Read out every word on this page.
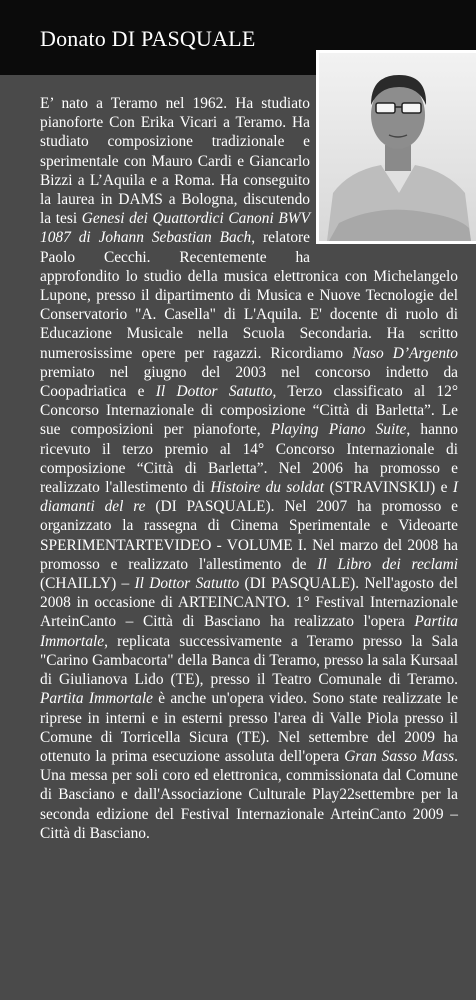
Donato DI PASQUALE

E’ nato a Teramo nel 1962. Ha studiato pianoforte Con Erika Vicari a Teramo. Ha studiato composizione tradizionale e sperimentale con Mauro Cardi e Giancarlo Bizzi a L’Aquila e a Roma. Ha conseguito la laurea in DAMS a Bologna, discutendo la tesi Genesi dei Quattordici Canoni BWV 1087 di Johann Sebastian Bach, relatore Paolo Cecchi. Recentemente ha approfondito lo studio della musica elettronica con Michelangelo Lupone, presso il dipartimento di Musica e Nuove Tecnologie del Conservatorio "A. Casella" di L'Aquila. E' docente di ruolo di Educazione Musicale nella Scuola Secondaria. Ha scritto numerosissime opere per ragazzi. Ricordiamo Naso D’Argento premiato nel giugno del 2003 nel concorso indetto da Coopadriatica e Il Dottor Satutto, Terzo classificato al 12° Concorso Internazionale di composizione “Città di Barletta”. Le sue composizioni per pianoforte, Playing Piano Suite, hanno ricevuto il terzo premio al 14° Concorso Internazionale di composizione “Città di Barletta”. Nel 2006 ha promosso e realizzato l'allestimento di Histoire du soldat (STRAVINSKIJ) e I diamanti del re (DI PASQUALE). Nel 2007 ha promosso e organizzato la rassegna di Cinema Sperimentale e Videoarte SPERIMENTARTEVIDEO - VOLUME I. Nel marzo del 2008 ha promosso e realizzato l'allestimento de Il Libro dei reclami (CHAILLY) – Il Dottor Satutto (DI PASQUALE). Nell'agosto del 2008 in occasione di ARTEINCANTO. 1° Festival Internazionale ArteinCanto – Città di Basciano ha realizzato l'opera Partita Immortale, replicata successivamente a Teramo presso la Sala "Carino Gambacorta" della Banca di Teramo, presso la sala Kursaal di Giulianova Lido (TE), presso il Teatro Comunale di Teramo. Partita Immortale è anche un'opera video. Sono state realizzate le riprese in interni e in esterni presso l'area di Valle Piola presso il Comune di Torricella Sicura (TE). Nel settembre del 2009 ha ottenuto la prima esecuzione assoluta dell'opera Gran Sasso Mass. Una messa per soli coro ed elettronica, commissionata dal Comune di Basciano e dall'Associazione Culturale Play22settembre per la seconda edizione del Festival Internazionale ArteinCanto 2009 – Città di Basciano.
